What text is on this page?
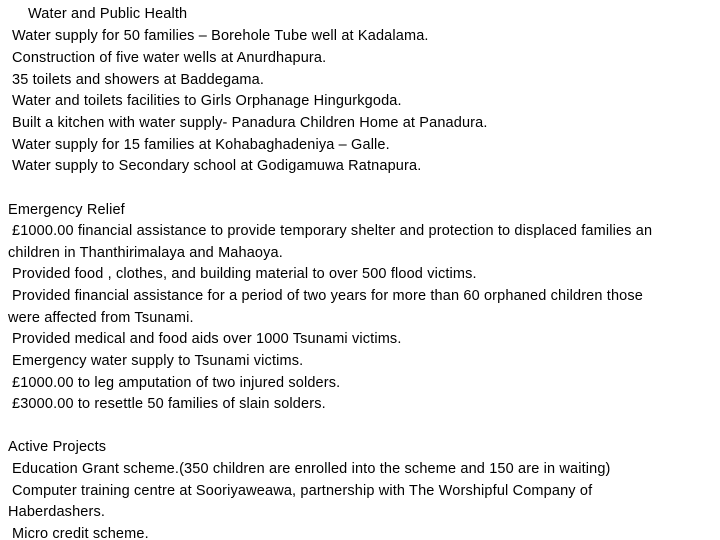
Water and Public Health
Water supply for 50 families – Borehole Tube well at Kadalama.
Construction of five water wells at Anurdhapura.
35 toilets and showers at Baddegama.
Water and toilets facilities to Girls Orphanage Hingurkgoda.
Built a kitchen with water supply- Panadura Children Home at Panadura.
Water supply for 15 families at Kohabaghadeniya – Galle.
Water supply to Secondary school at Godigamuwa Ratnapura.
Emergency Relief
£1000.00 financial assistance to provide temporary shelter and protection to displaced families an
children in Thanthirimalaya and Mahaoya.
Provided food , clothes, and building material to over 500 flood victims.
Provided financial assistance for a period of two years for more than 60 orphaned children those
were affected from Tsunami.
Provided medical and food aids over 1000 Tsunami victims.
Emergency water supply to Tsunami victims.
£1000.00 to leg amputation of two injured solders.
£3000.00 to resettle 50 families of slain solders.
Active Projects
Education Grant scheme.(350 children are enrolled into the scheme and 150 are in waiting)
Computer training centre at Sooriyaweawa, partnership with The Worshipful Company of
Haberdashers.
Micro credit scheme.
